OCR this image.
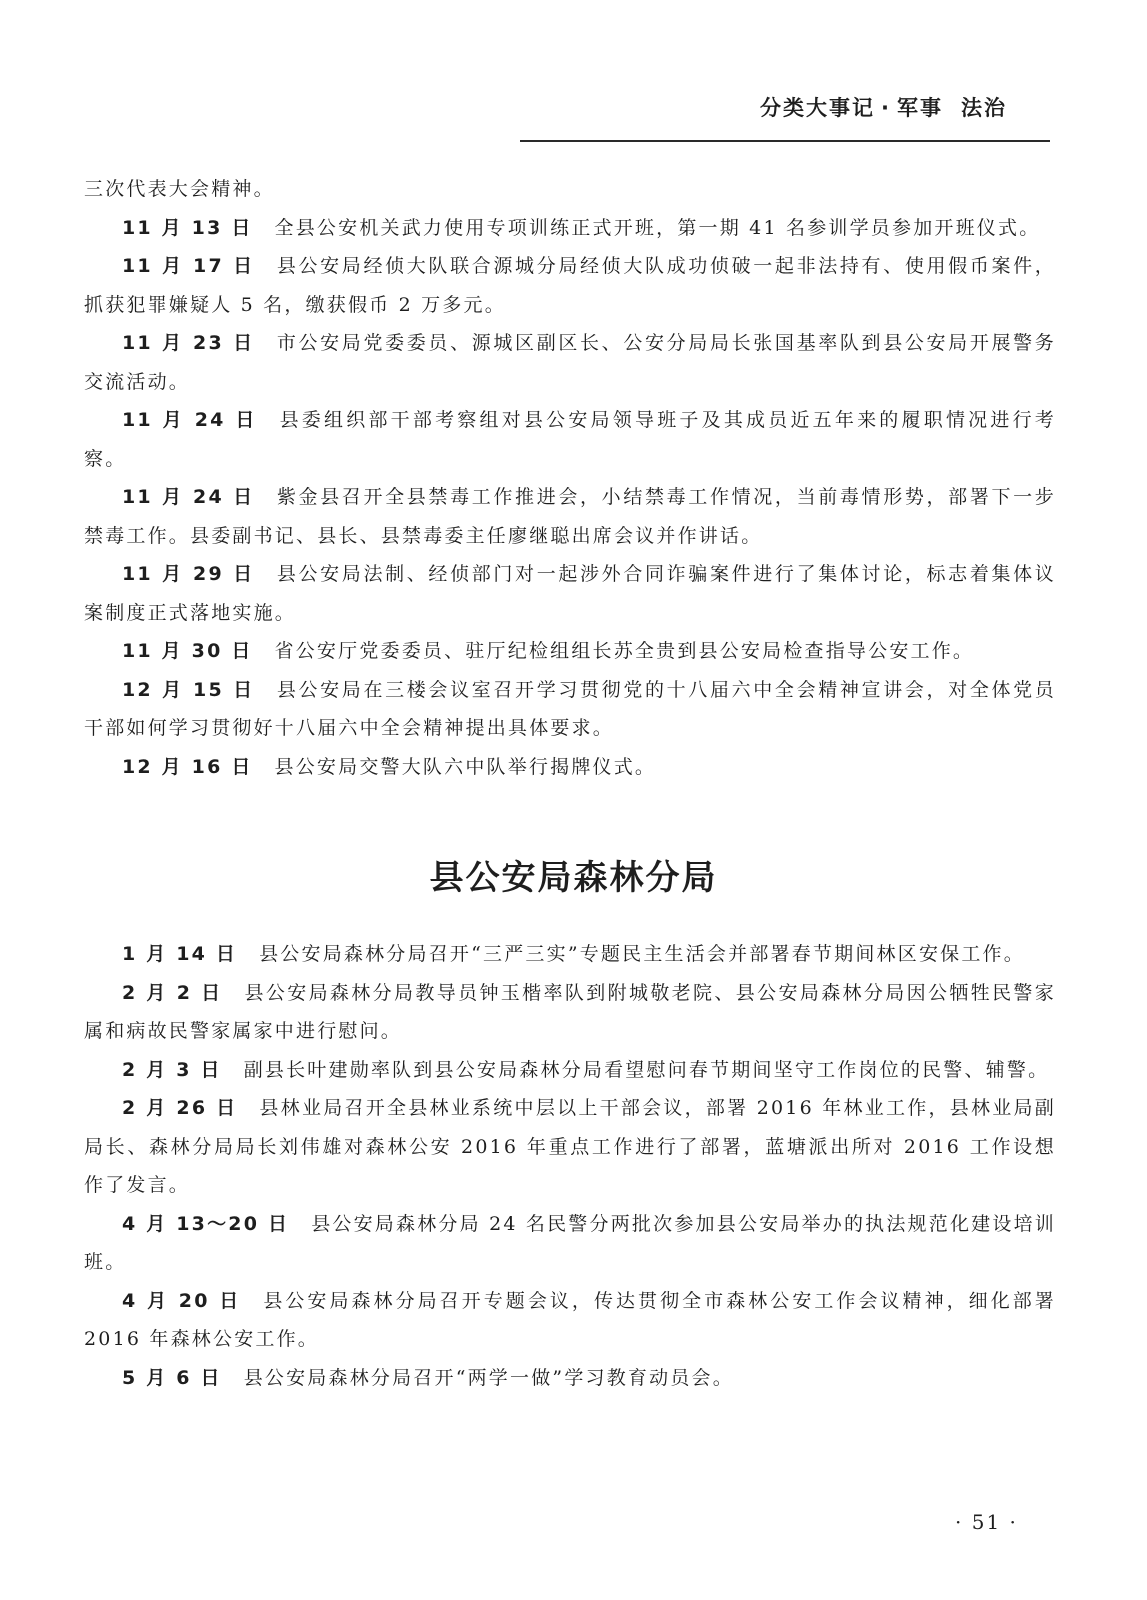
分类大事记 · 军事 法治

三次代表大会精神。

11 月 13 日 全县公安机关武力使用专项训练正式开班，第一期 41 名参训学员参加开班仪式。

11 月 17 日 县公安局经侦大队联合源城分局经侦大队成功侦破一起非法持有、使用假币案件，抓获犯罪嫌疑人 5 名，缴获假币 2 万多元。

11 月 23 日 市公安局党委委员、源城区副区长、公安分局局长张国基率队到县公安局开展警务交流活动。

11 月 24 日 县委组织部干部考察组对县公安局领导班子及其成员近五年来的履职情况进行考察。

11 月 24 日 紫金县召开全县禁毒工作推进会，小结禁毒工作情况，当前毒情形势，部署下一步禁毒工作。县委副书记、县长、县禁毒委主任廖继聪出席会议并作讲话。

11 月 29 日 县公安局法制、经侦部门对一起涉外合同诈骗案件进行了集体讨论，标志着集体议案制度正式落地实施。

11 月 30 日 省公安厅党委委员、驻厅纪检组组长苏全贵到县公安局检查指导公安工作。

12 月 15 日 县公安局在三楼会议室召开学习贯彻党的十八届六中全会精神宣讲会，对全体党员干部如何学习贯彻好十八届六中全会精神提出具体要求。

12 月 16 日 县公安局交警大队六中队举行揭牌仪式。

县公安局森林分局

1 月 14 日 县公安局森林分局召开“三严三实”专题民主生活会并部署春节期间林区安保工作。

2 月 2 日 县公安局森林分局教导员钟玉楷率队到附城敬老院、县公安局森林分局因公牺牲民警家属和病故民警家属家中进行慰问。

2 月 3 日 副县长叶建勋率队到县公安局森林分局看望慰问春节期间坚守工作岗位的民警、辅警。

2 月 26 日 县林业局召开全县林业系统中层以上干部会议，部署 2016 年林业工作，县林业局副局长、森林分局局长刘伟雄对森林公安 2016 年重点工作进行了部署，蓝塘派出所对 2016 工作设想作了发言。

4 月 13～20 日 县公安局森林分局 24 名民警分两批次参加县公安局举办的执法规范化建设培训班。

4 月 20 日 县公安局森林分局召开专题会议，传达贯彻全市森林公安工作会议精神，细化部署 2016 年森林公安工作。

5 月 6 日 县公安局森林分局召开“两学一做”学习教育动员会。

· 51 ·
